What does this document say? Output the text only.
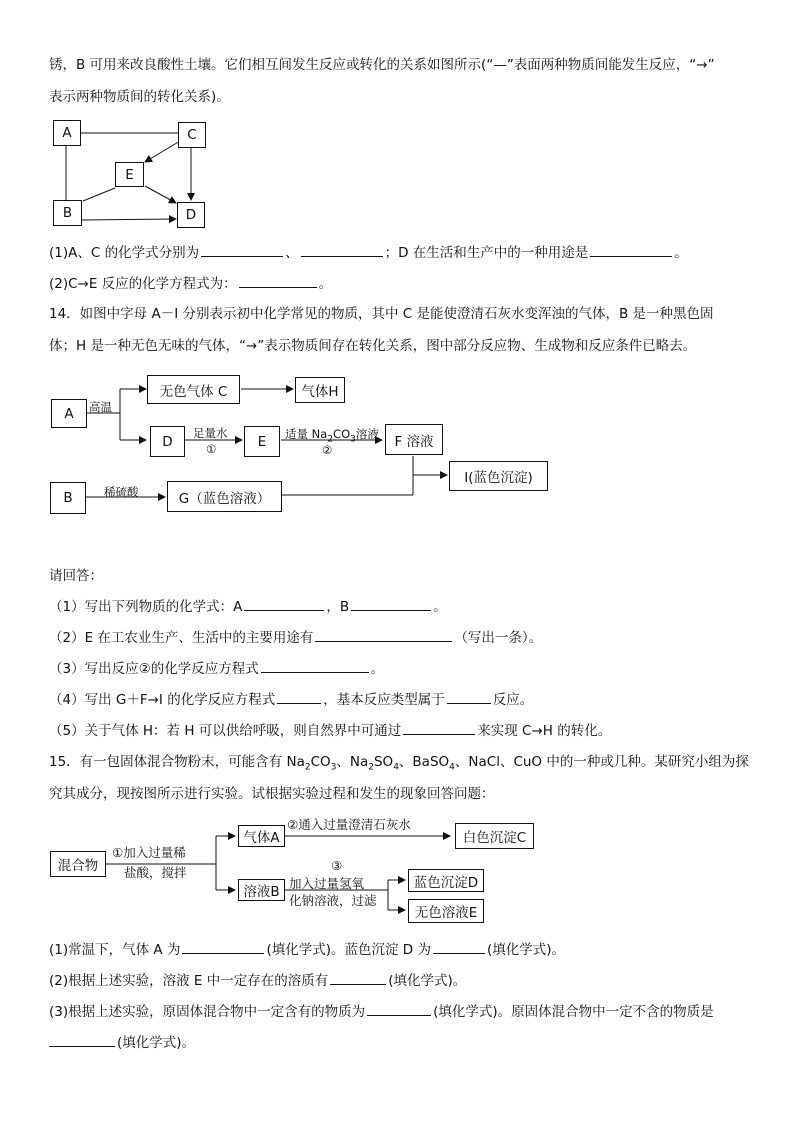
锈，B 可用来改良酸性土壤。它们相互间发生反应或转化的关系如图所示(“—”表面两种物质间能发生反应，“→”
表示两种物质间的转化关系)。
A	C
E
B	D
(1)A、C 的化学式分别为	、	；D 在生活和生产中的一种用途是	。
(2)C→E 反应的化学方程式为：	。
14．如图中字母 A－I 分别表示初中化学常见的物质，其中 C 是能使澄清石灰水变浑浊的气体，B 是一种黑色固
体；H 是一种无色无味的气体，“→”表示物质间存在转化关系，图中部分反应物、生成物和反应条件已略去。
A
无色气体 C	气体H
D	E	F 溶液
I(蓝色沉淀)
B	G（蓝色溶液）
高温
足量水
①
适量 $Na_2CO_3$溶液
②
稀硫酸
请回答：
（1）写出下列物质的化学式：A	，B	。
（2）E 在工农业生产、生活中的主要用途有	（写出一条）。
（3）写出反应②的化学反应方程式	。
（4）写出 G＋F→I 的化学反应方程式	，基本反应类型属于	反应。
（5）关于气体 H：若 H 可以供给呼吸，则自然界中可通过	来实现 C→H 的转化。
15．有一包固体混合物粉末，可能含有 $Na_2CO_3$、$Na_2SO_4$、BaSO$_4$、NaCl、CuO 中的一种或几种。某研究小组为探
究其成分，现按图所示进行实验。试根据实验过程和发生的现象回答问题：
混合物
气体A	白色沉淀C
溶液B
蓝色沉淀D
无色溶液E
①加入过量稀
盐酸，搅拌
②通入过量澄清石灰水
③
加入过量氢氧
化钠溶液，过滤
(1)常温下，气体 A 为	(填化学式)。蓝色沉淀 D 为	(填化学式)。
(2)根据上述实验，溶液 E 中一定存在的溶质有	(填化学式)。
(3)根据上述实验，原固体混合物中一定含有的物质为	(填化学式)。原固体混合物中一定不含的物质是
(填化学式)。
